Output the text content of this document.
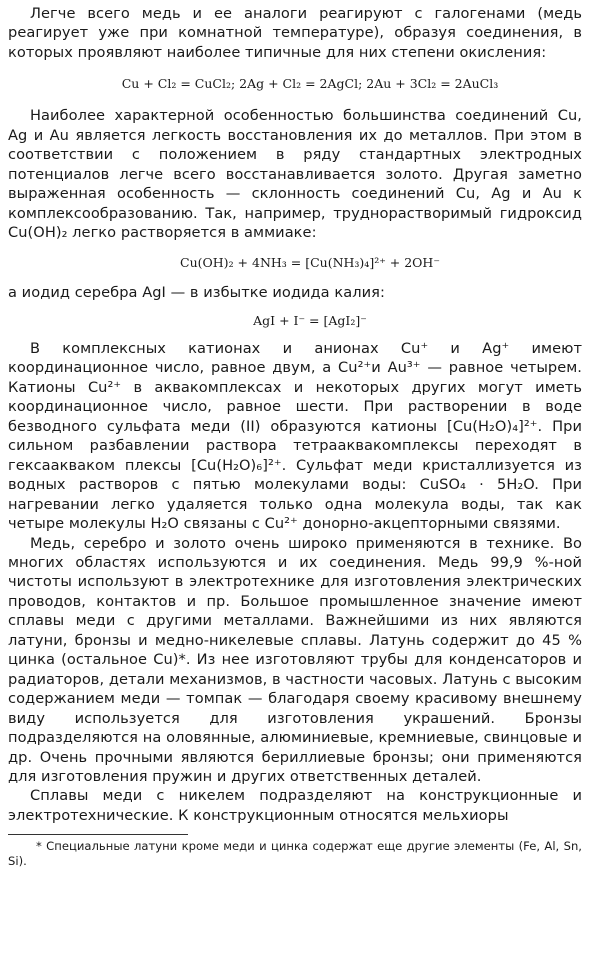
Легче всего медь и ее аналоги реагируют с галогенами (медь реагирует уже при комнатной температуре), образуя соединения, в которых проявляют наиболее типичные для них степени окисления:

Cu + Cl₂ = CuCl₂; 2Ag + Cl₂ = 2AgCl; 2Au + 3Cl₂ = 2AuCl₃

Наиболее характерной особенностью большинства соединений Cu, Ag и Au является легкость восстановления их до металлов. При этом в соответствии с положением в ряду стандартных электродных потенциалов легче всего восстанавливается золото. Другая заметно выраженная особенность — склонность соединений Cu, Ag и Au к комплексообразованию. Так, например, труднорастворимый гидроксид Cu(OH)₂ легко растворяется в аммиаке:

Cu(OH)₂ + 4NH₃ = [Cu(NH₃)₄]²⁺ + 2OH⁻

а иодид серебра AgI — в избытке иодида калия:

AgI + I⁻ = [AgI₂]⁻

В комплексных катионах и анионах Cu⁺ и Ag⁺ имеют координационное число, равное двум, а Cu²⁺и Au³⁺ — равное четырем. Катионы Cu²⁺ в аквакомплексах и некоторых других могут иметь координационное число, равное шести. При растворении в воде безводного сульфата меди (II) образуются катионы [Cu(H₂O)₄]²⁺. При сильном разбавлении раствора тетрааквакомплексы переходят в гексаакваком плексы [Cu(H₂O)₆]²⁺. Сульфат меди кристаллизуется из водных растворов с пятью молекулами воды: CuSO₄ · 5H₂O. При нагревании легко удаляется только одна молекула воды, так как четыре молекулы H₂O связаны с Cu²⁺ донорно-акцепторными связями.

Медь, серебро и золото очень широко применяются в технике. Во многих областях используются и их соединения. Медь 99,9 %-ной чистоты используют в электротехнике для изготовления электрических проводов, контактов и пр. Большое промышленное значение имеют сплавы меди с другими металлами. Важнейшими из них являются латуни, бронзы и медно-никелевые сплавы. Латунь содержит до 45 % цинка (остальное Cu)*. Из нее изготовляют трубы для конденсаторов и радиаторов, детали механизмов, в частности часовых. Латунь с высоким содержанием меди — томпак — благодаря своему красивому внешнему виду используется для изготовления украшений. Бронзы подразделяются на оловянные, алюминиевые, кремниевые, свинцовые и др. Очень прочными являются бериллиевые бронзы; они применяются для изготовления пружин и других ответственных деталей.

Сплавы меди с никелем подразделяют на конструкционные и электротехнические. К конструкционным относятся мельхиоры

* Специальные латуни кроме меди и цинка содержат еще другие элементы (Fe, Al, Sn, Si).
